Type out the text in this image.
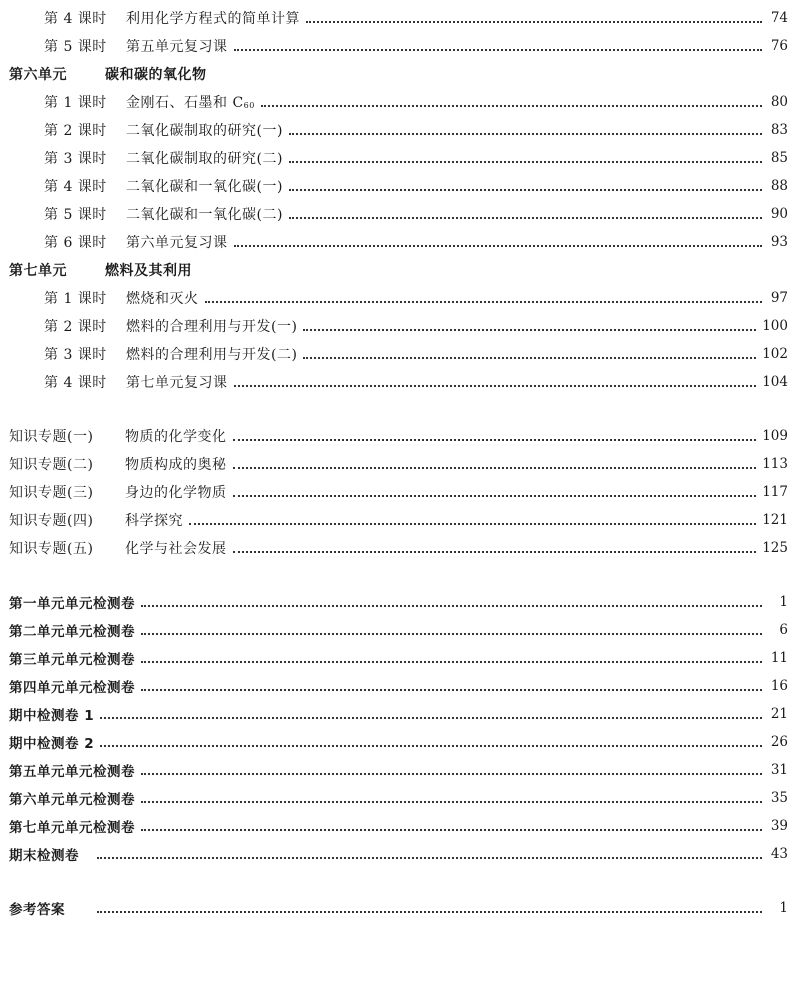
第 4 课时	利用化学方程式的简单计算	74
第 5 课时	第五单元复习课	76
第六单元	碳和碳的氧化物
第 1 课时	金刚石、石墨和 $C_{60}$	80
第 2 课时	二氧化碳制取的研究(一)	83
第 3 课时	二氧化碳制取的研究(二)	85
第 4 课时	二氧化碳和一氧化碳(一)	88
第 5 课时	二氧化碳和一氧化碳(二)	90
第 6 课时	第六单元复习课	93
第七单元	燃料及其利用
第 1 课时	燃烧和灭火	97
第 2 课时	燃料的合理利用与开发(一)	100
第 3 课时	燃料的合理利用与开发(二)	102
第 4 课时	第七单元复习课	104
知识专题(一)	物质的化学变化	109
知识专题(二)	物质构成的奥秘	113
知识专题(三)	身边的化学物质	117
知识专题(四)	科学探究	121
知识专题(五)	化学与社会发展	125
第一单元单元检测卷	1
第二单元单元检测卷	6
第三单元单元检测卷	11
第四单元单元检测卷	16
期中检测卷 1	21
期中检测卷 2	26
第五单元单元检测卷	31
第六单元单元检测卷	35
第七单元单元检测卷	39
期末检测卷	43
参考答案	1
